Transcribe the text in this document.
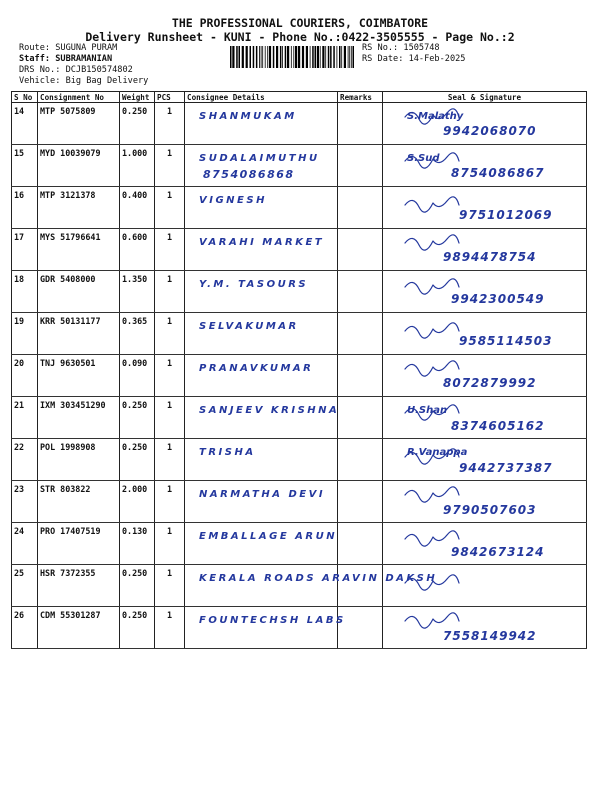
THE PROFESSIONAL COURIERS, COIMBATORE
Delivery Runsheet - KUNI - Phone No.:0422-3505555 - Page No.:2
Route: SUGUNA PURAM
Staff: SUBRAMANIAN
DRS No.: DCJB150574802
RS No.: 1505748
RS Date: 14-Feb-2025
Vehicle: Big Bag Delivery
S No	Consignment No	Weight	PCS	Consignee Details	Remarks	Seal & Signature
14	MTP 5075809	0.250	1	SHANMUKAM		S.Malathy
9942068070

15	MYD 10039079	1.000	1	SUDALAIMUTHU
8754086868		S.Sud
8754086867

16	MTP 3121378	0.400	1	VIGNESH		9751012069

17	MYS 51796641	0.600	1	VARAHI MARKET		9894478754

18	GDR 5408000	1.350	1	Y.M. TASOURS		9942300549

19	KRR 50131177	0.365	1	SELVAKUMAR		9585114503

20	TNJ 9630501	0.090	1	PRANAVKUMAR		8072879992

21	IXM 303451290	0.250	1	SANJEEV KRISHNA		U.Shan
8374605162

22	POL 1998908	0.250	1	TRISHA		R.Vanappa
9442737387

23	STR 803822	2.000	1	NARMATHA DEVI		9790507603

24	PRO 17407519	0.130	1	EMBALLAGE ARUN		9842673124

25	HSR 7372355	0.250	1	KERALA ROADS ARAVIN DAKSH

26	CDM 55301287	0.250	1	FOUNTECHSH LABS		7558149942
